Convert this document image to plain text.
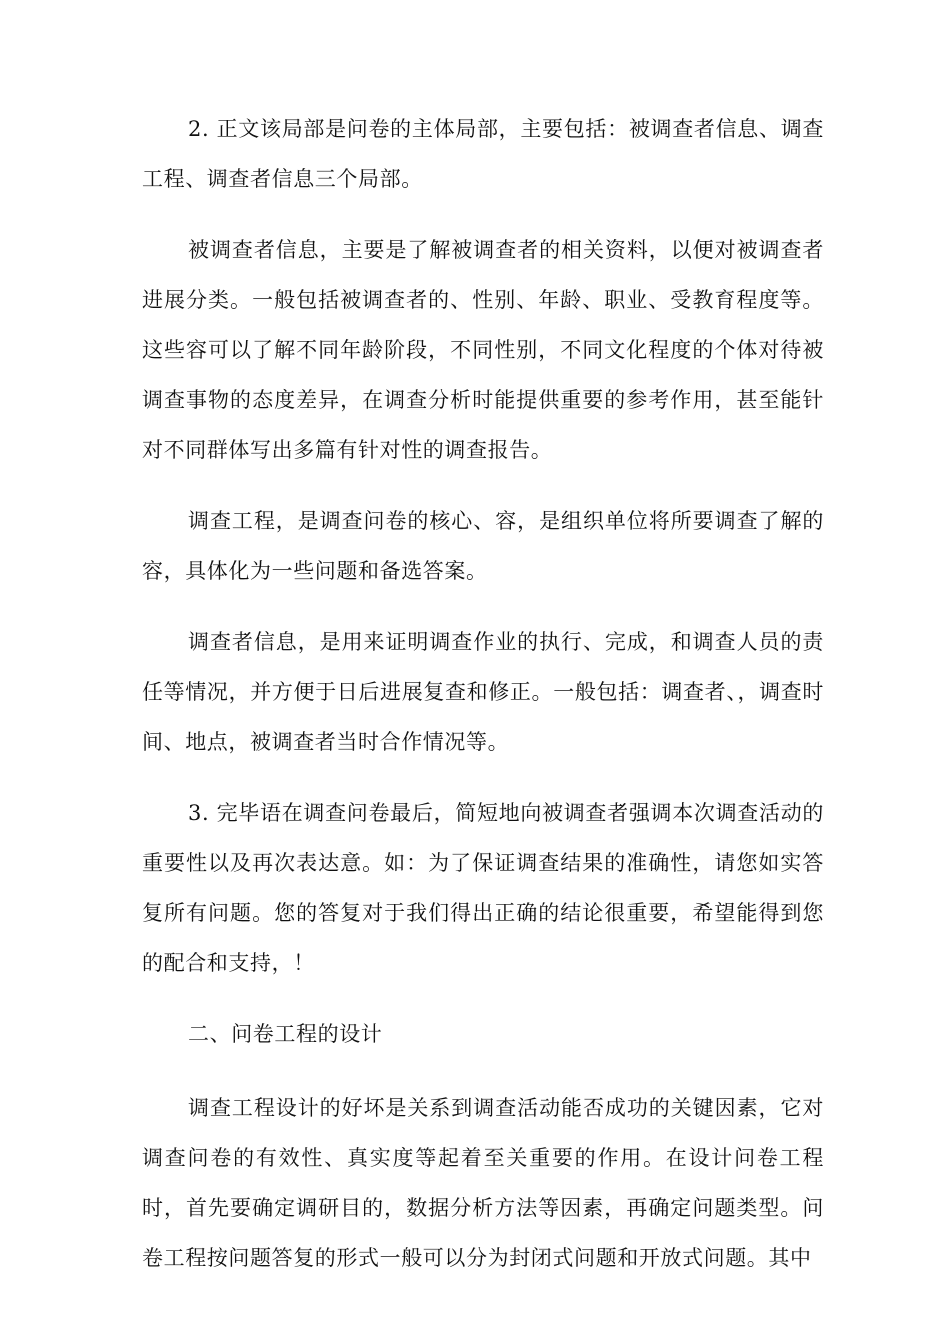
2. 正文该局部是问卷的主体局部，主要包括：被调查者信息、调查工程、调查者信息三个局部。

被调查者信息，主要是了解被调查者的相关资料，以便对被调查者进展分类。一般包括被调查者的、性别、年龄、职业、受教育程度等。这些容可以了解不同年龄阶段，不同性别，不同文化程度的个体对待被调查事物的态度差异，在调查分析时能提供重要的参考作用，甚至能针对不同群体写出多篇有针对性的调查报告。

调查工程，是调查问卷的核心、容，是组织单位将所要调查了解的容，具体化为一些问题和备选答案。

调查者信息，是用来证明调查作业的执行、完成，和调查人员的责任等情况，并方便于日后进展复查和修正。一般包括：调查者、，调查时间、地点，被调查者当时合作情况等。

3. 完毕语在调查问卷最后，简短地向被调查者强调本次调查活动的重要性以及再次表达意。如：为了保证调查结果的准确性，请您如实答复所有问题。您的答复对于我们得出正确的结论很重要，希望能得到您的配合和支持，！

二、问卷工程的设计

调查工程设计的好坏是关系到调查活动能否成功的关键因素，它对调查问卷的有效性、真实度等起着至关重要的作用。在设计问卷工程时，首先要确定调研目的，数据分析方法等因素，再确定问题类型。问卷工程按问题答复的形式一般可以分为封闭式问题和开放式问题。其中
